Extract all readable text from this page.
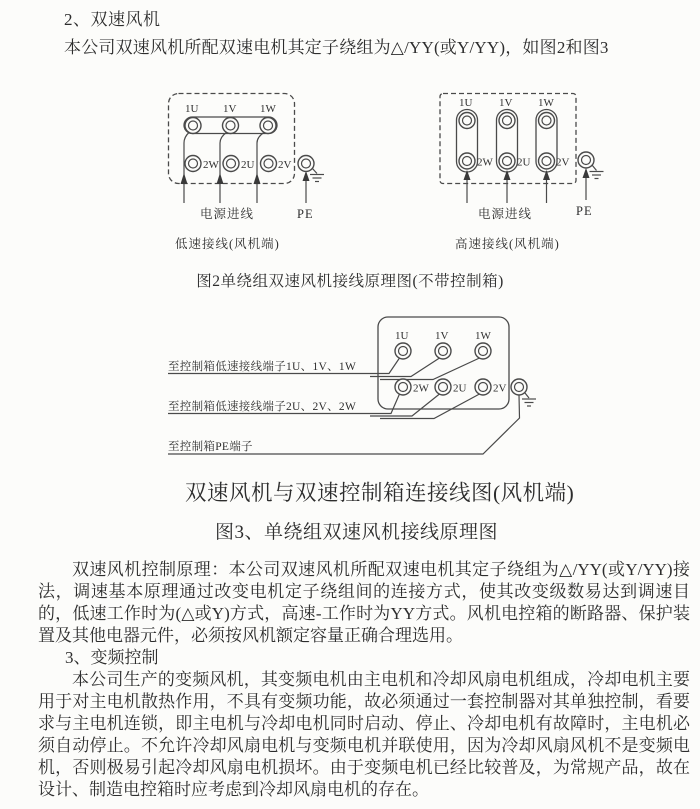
2、双速风机
本公司双速风机所配双速电机其定子绕组为△/YY(或Y/YY)，如图2和图3
1U 1V 1W
2W 2U 2V
电源进线	PE
低速接线(风机端)
1U 1V 1W
2W 2U 2V
电源进线	PE
高速接线(风机端)
图2单绕组双速风机接线原理图(不带控制箱)
1U 1V 1W
2W 2U 2V
至控制箱低速接线端子1U、1V、1W
至控制箱低速接线端子2U、2V、2W
至控制箱PE端子
双速风机与双速控制箱连接线图(风机端)
图3、单绕组双速风机接线原理图

双速风机控制原理：本公司双速风机所配双速电机其定子绕组为△/YY(或Y/YY)接法，调速基本原理通过改变电机定子绕组间的连接方式，使其改变级数易达到调速目的，低速工作时为(△或Y)方式，高速-工作时为YY方式。风机电控箱的断路器、保护装置及其他电器元件，必须按风机额定容量正确合理选用。

3、变频控制

本公司生产的变频风机，其变频电机由主电机和冷却风扇电机组成，冷却电机主要用于对主电机散热作用，不具有变频功能，故必须通过一套控制器对其单独控制，看要求与主电机连锁，即主电机与冷却电机同时启动、停止、冷却电机有故障时，主电机必须自动停止。不允许冷却风扇电机与变频电机并联使用，因为冷却风扇风机不是变频电机，否则极易引起冷却风扇电机损坏。由于变频电机已经比较普及，为常规产品，故在设计、制造电控箱时应考虑到冷却风扇电机的存在。
